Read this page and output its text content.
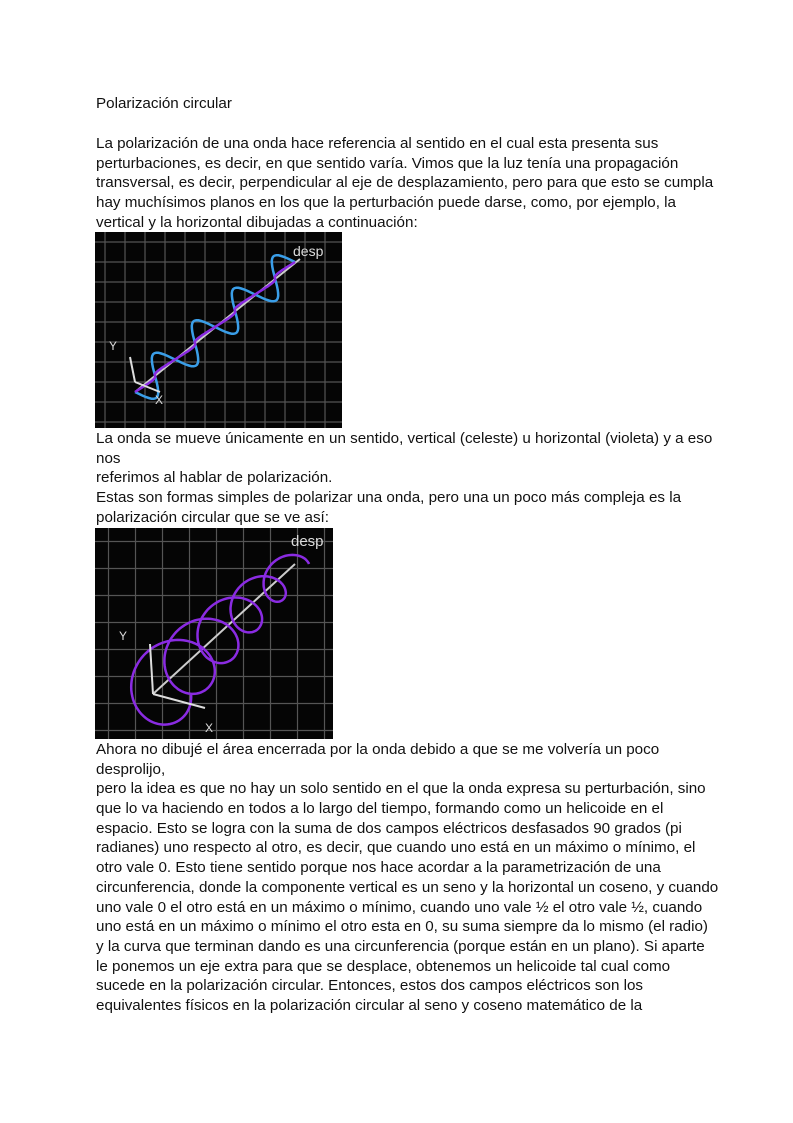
Polarización circular
La polarización de una onda hace referencia al sentido en el cual esta presenta sus
perturbaciones, es decir, en que sentido varía. Vimos que la luz tenía una propagación
transversal, es decir, perpendicular al eje de desplazamiento, pero para que esto se cumpla
hay muchísimos planos en los que la perturbación puede darse, como, por ejemplo, la
vertical y la horizontal dibujadas a continuación:
desp
Y
X
La onda se mueve únicamente en un sentido, vertical (celeste) u horizontal (violeta) y a eso
nos
referimos al hablar de polarización.
Estas son formas simples de polarizar una onda, pero una un poco más compleja es la
polarización circular que se ve así:
desp
Y
X
Ahora no dibujé el área encerrada por la onda debido a que se me volvería un poco
desprolijo,
pero la idea es que no hay un solo sentido en el que la onda expresa su perturbación, sino
que lo va haciendo en todos a lo largo del tiempo, formando como un helicoide en el
espacio. Esto se logra con la suma de dos campos eléctricos desfasados 90 grados (pi
radianes) uno respecto al otro, es decir, que cuando uno está en un máximo o mínimo, el
otro vale 0. Esto tiene sentido porque nos hace acordar a la parametrización de una
circunferencia, donde la componente vertical es un seno y la horizontal un coseno, y cuando
uno vale 0 el otro está en un máximo o mínimo, cuando uno vale ½ el otro vale ½, cuando
uno está en un máximo o mínimo el otro esta en 0, su suma siempre da lo mismo (el radio)
y la curva que terminan dando es una circunferencia (porque están en un plano). Si aparte
le ponemos un eje extra para que se desplace, obtenemos un helicoide tal cual como
sucede en la polarización circular. Entonces, estos dos campos eléctricos son los
equivalentes físicos en la polarización circular al seno y coseno matemático de la
